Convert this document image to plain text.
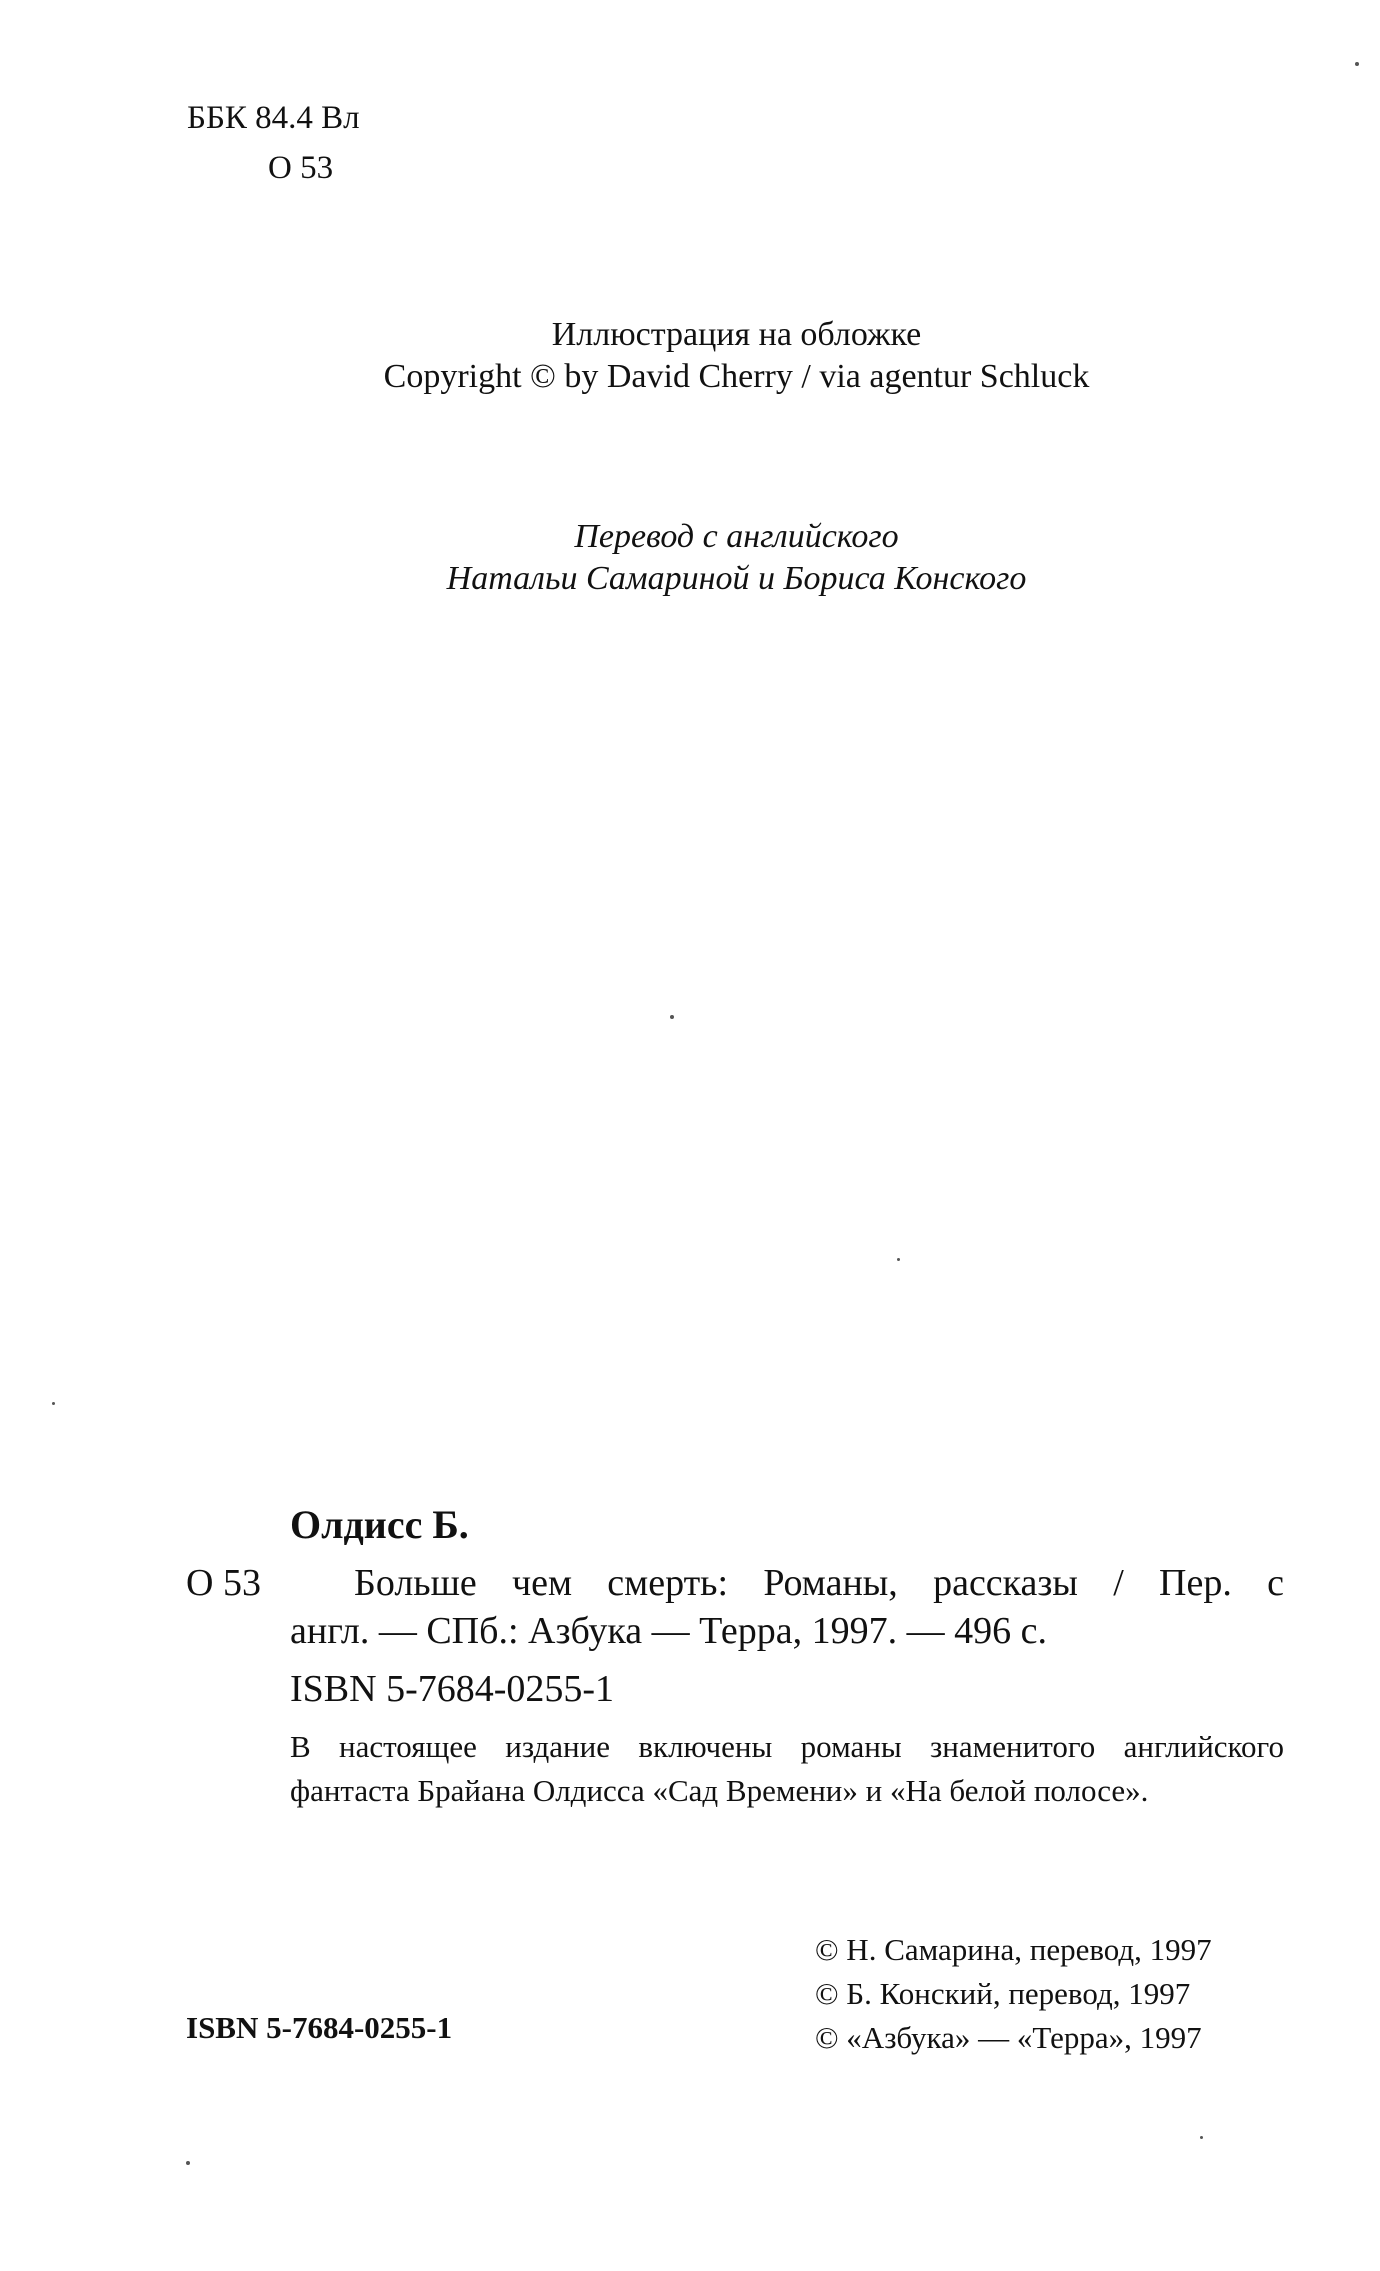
ББК 84.4 Вл
О 53
Иллюстрация на обложке
Copyright © by David Cherry / via agentur Schluck
Перевод с английского
Натальи Самариной и Бориса Конского
Олдисс Б.
О 53 Больше чем смерть: Романы, рассказы / Пер. с
англ. — СПб.: Азбука — Терра, 1997. — 496 с.
ISBN 5-7684-0255-1
В настоящее издание включены романы знаменитого английского фантаста Брайана Олдисса «Сад Времени» и «На белой полосе».
ISBN 5-7684-0255-1
© Н. Самарина, перевод, 1997
© Б. Конский, перевод, 1997
© «Азбука» — «Терра», 1997
